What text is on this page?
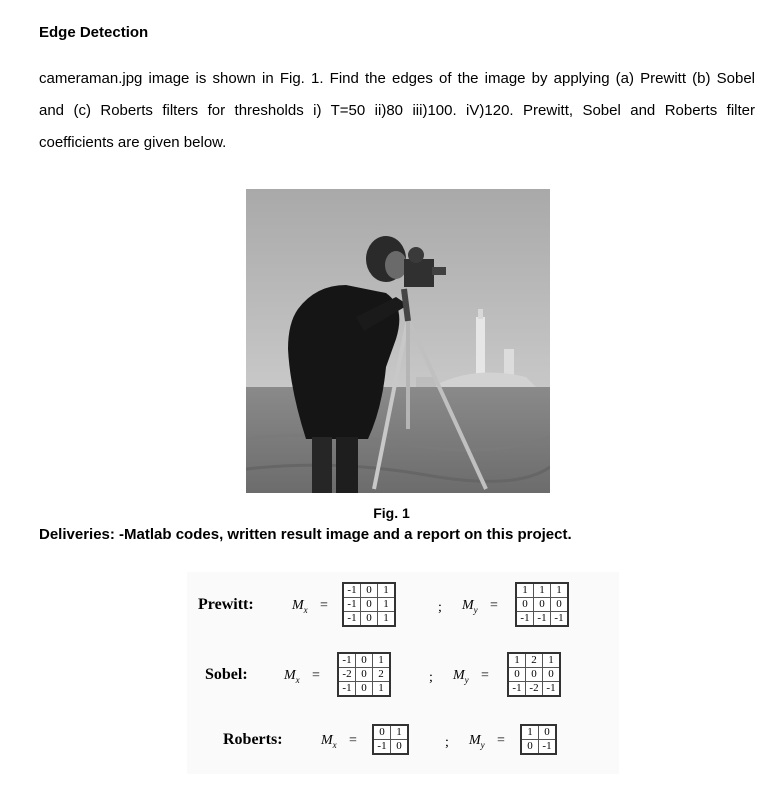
Edge Detection
cameraman.jpg image is shown in Fig. 1. Find the edges of the image by applying (a) Prewitt (b) Sobel
and (c) Roberts filters for thresholds i) T=50 ii)80 iii)100. iV)120. Prewitt, Sobel and Roberts filter
coefficients are given below.
Fig. 1
Deliveries: -Matlab codes, written result image and a report on this project.
Prewitt:	$M_x$ =
-1	0	1
-1	0	1
-1	0	1
; $M_y$ =
1	1	1
0	0	0
-1	-1	-1
Sobel:	$M_x$ =
-1	0	1
-2	0	2
-1	0	1
; $M_y$ =
1	2	1
0	0	0
-1	-2	-1
Roberts:	$M_x$ =
0	1
-1	0	; $M_y$ =
1	0
0	-1
